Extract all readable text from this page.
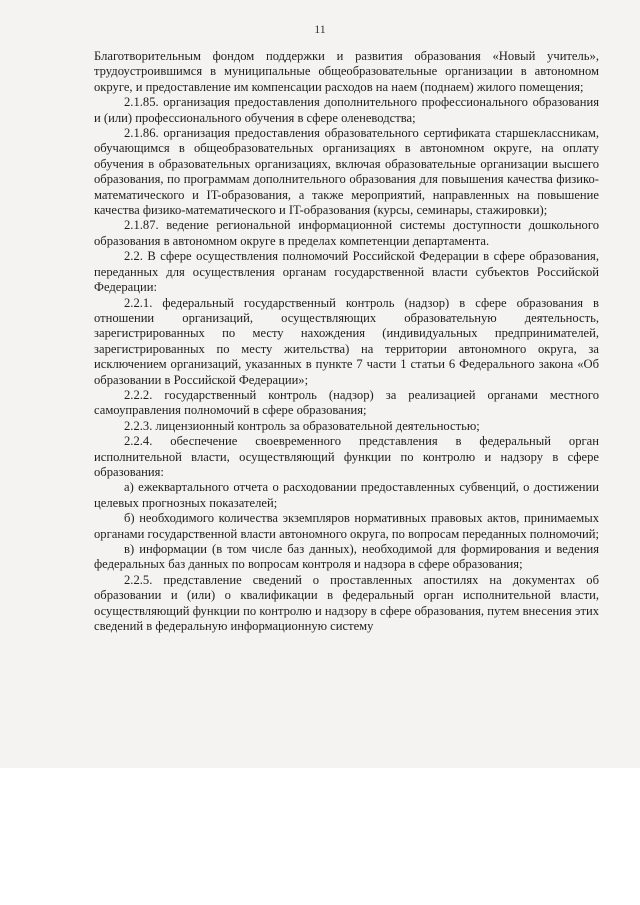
11

Благотворительным фондом поддержки и развития образования «Новый учитель», трудоустроившимся в муниципальные общеобразовательные организации в автономном округе, и предоставление им компенсации расходов на наем (поднаем) жилого помещения;

2.1.85. организация предоставления дополнительного профессионального образования и (или) профессионального обучения в сфере оленеводства;

2.1.86. организация предоставления образовательного сертификата старшеклассникам, обучающимся в общеобразовательных организациях в автономном округе, на оплату обучения в образовательных организациях, включая образовательные организации высшего образования, по программам дополнительного образования для повышения качества физико-математического и IT-образования, а также мероприятий, направленных на повышение качества физико-математического и IT-образования (курсы, семинары, стажировки);

2.1.87. ведение региональной информационной системы доступности дошкольного образования в автономном округе в пределах компетенции департамента.

2.2. В сфере осуществления полномочий Российской Федерации в сфере образования, переданных для осуществления органам государственной власти субъектов Российской Федерации:

2.2.1. федеральный государственный контроль (надзор) в сфере образования в отношении организаций, осуществляющих образовательную деятельность, зарегистрированных по месту нахождения (индивидуальных предпринимателей, зарегистрированных по месту жительства) на территории автономного округа, за исключением организаций, указанных в пункте 7 части 1 статьи 6 Федерального закона «Об образовании в Российской Федерации»;

2.2.2. государственный контроль (надзор) за реализацией органами местного самоуправления полномочий в сфере образования;

2.2.3. лицензионный контроль за образовательной деятельностью;

2.2.4. обеспечение своевременного представления в федеральный орган исполнительной власти, осуществляющий функции по контролю и надзору в сфере образования:

а) ежеквартального отчета о расходовании предоставленных субвенций, о достижении целевых прогнозных показателей;

б) необходимого количества экземпляров нормативных правовых актов, принимаемых органами государственной власти автономного округа, по вопросам переданных полномочий;

в) информации (в том числе баз данных), необходимой для формирования и ведения федеральных баз данных по вопросам контроля и надзора в сфере образования;

2.2.5. представление сведений о проставленных апостилях на документах об образовании и (или) о квалификации в федеральный орган исполнительной власти, осуществляющий функции по контролю и надзору в сфере образования, путем внесения этих сведений в федеральную информационную систему
